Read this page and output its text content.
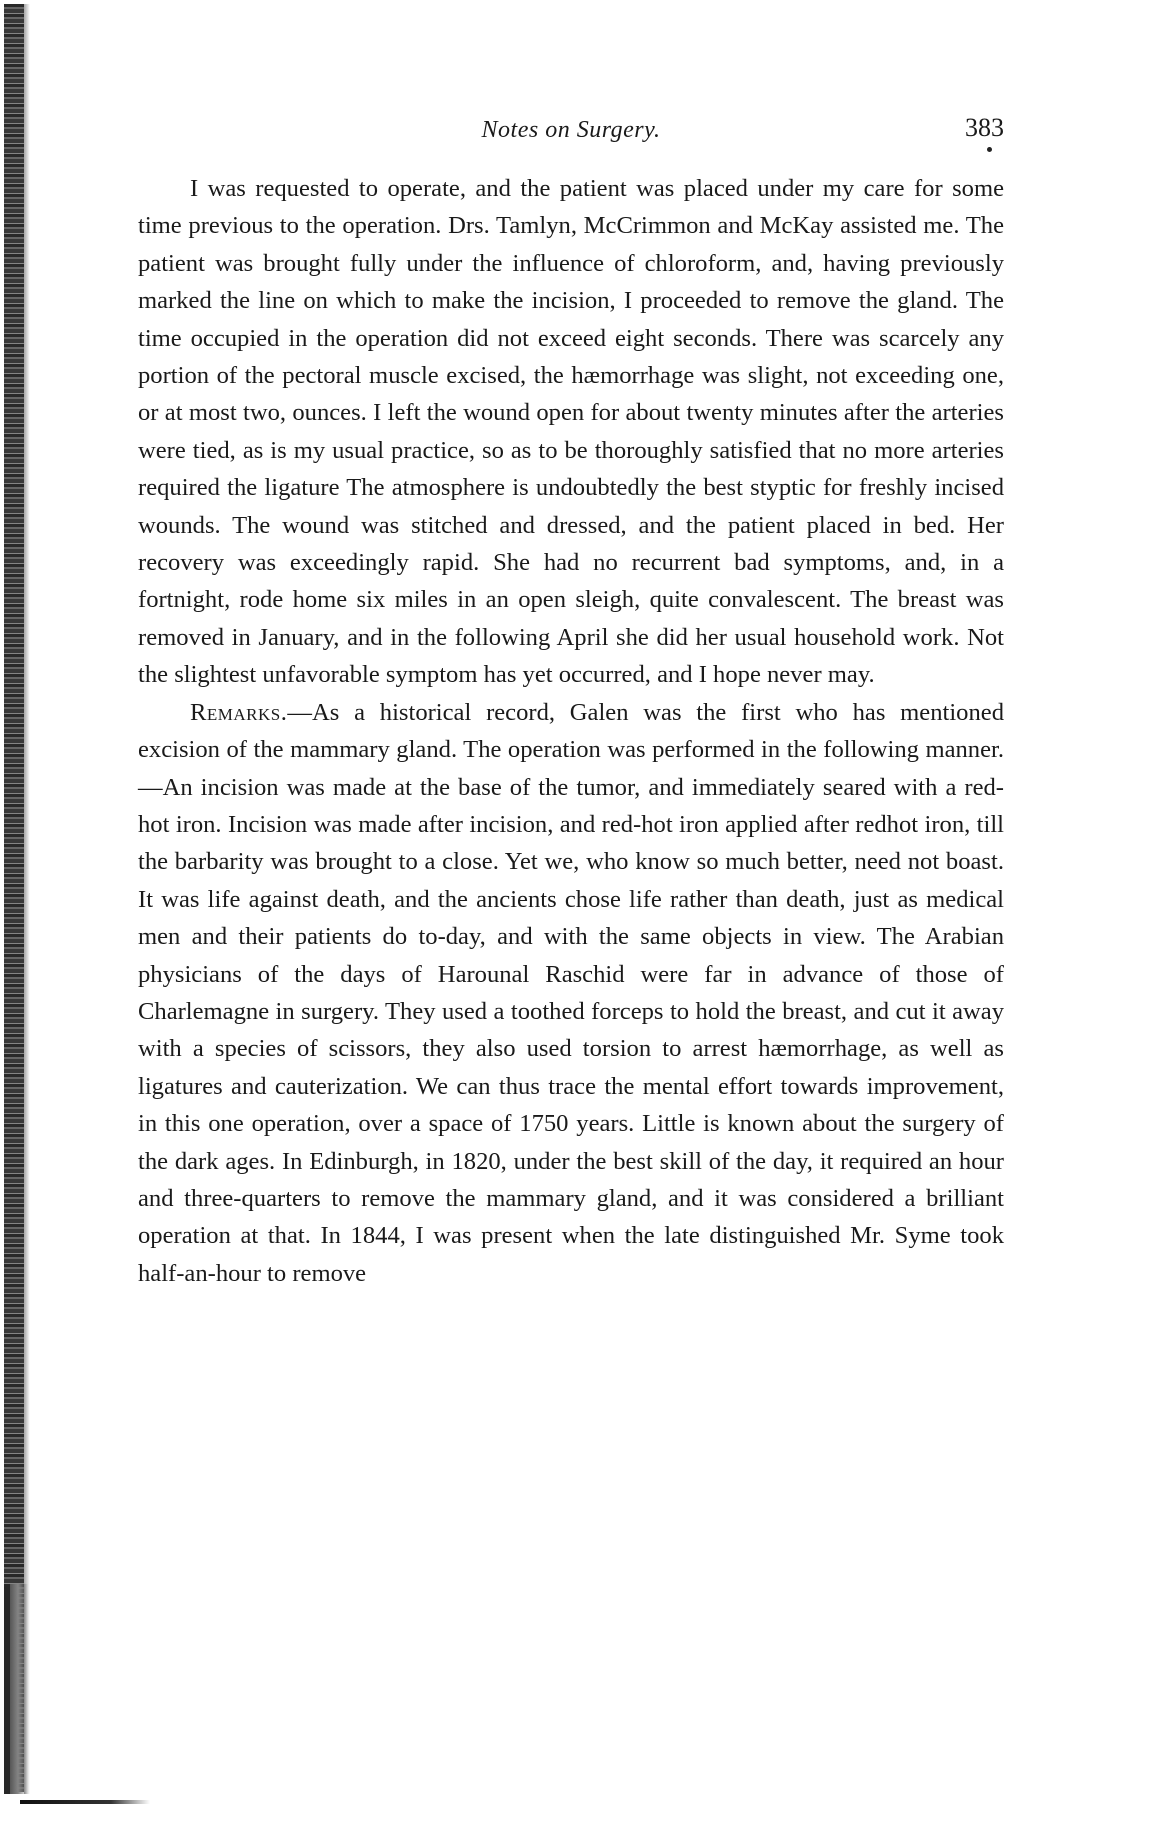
Notes on Surgery.	383

I was requested to operate, and the patient was placed under my care for some time previous to the operation. Drs. Tamlyn, McCrimmon and McKay assisted me. The patient was brought fully under the influence of chloroform, and, having previously marked the line on which to make the incision, I proceeded to remove the gland. The time occupied in the operation did not exceed eight seconds. There was scarcely any portion of the pectoral muscle excised, the hæmorrhage was slight, not exceeding one, or at most two, ounces. I left the wound open for about twenty minutes after the arteries were tied, as is my usual practice, so as to be thoroughly satisfied that no more arteries required the ligature The atmosphere is undoubtedly the best styptic for freshly incised wounds. The wound was stitched and dressed, and the patient placed in bed. Her recovery was exceedingly rapid. She had no recurrent bad symptoms, and, in a fortnight, rode home six miles in an open sleigh, quite convalescent. The breast was removed in January, and in the following April she did her usual household work. Not the slightest unfavorable symptom has yet occurred, and I hope never may.

Remarks.—As a historical record, Galen was the first who has mentioned excision of the mammary gland. The operation was performed in the following manner.—An incision was made at the base of the tumor, and immediately seared with a red-hot iron. Incision was made after incision, and red-hot iron applied after redhot iron, till the barbarity was brought to a close. Yet we, who know so much better, need not boast. It was life against death, and the ancients chose life rather than death, just as medical men and their patients do to-day, and with the same objects in view. The Arabian physicians of the days of Harounal Raschid were far in advance of those of Charlemagne in surgery. They used a toothed forceps to hold the breast, and cut it away with a species of scissors, they also used torsion to arrest hæmorrhage, as well as ligatures and cauterization. We can thus trace the mental effort towards improvement, in this one operation, over a space of 1750 years. Little is known about the surgery of the dark ages. In Edinburgh, in 1820, under the best skill of the day, it required an hour and three-quarters to remove the mammary gland, and it was considered a brilliant operation at that. In 1844, I was present when the late distinguished Mr. Syme took half-an-hour to remove
